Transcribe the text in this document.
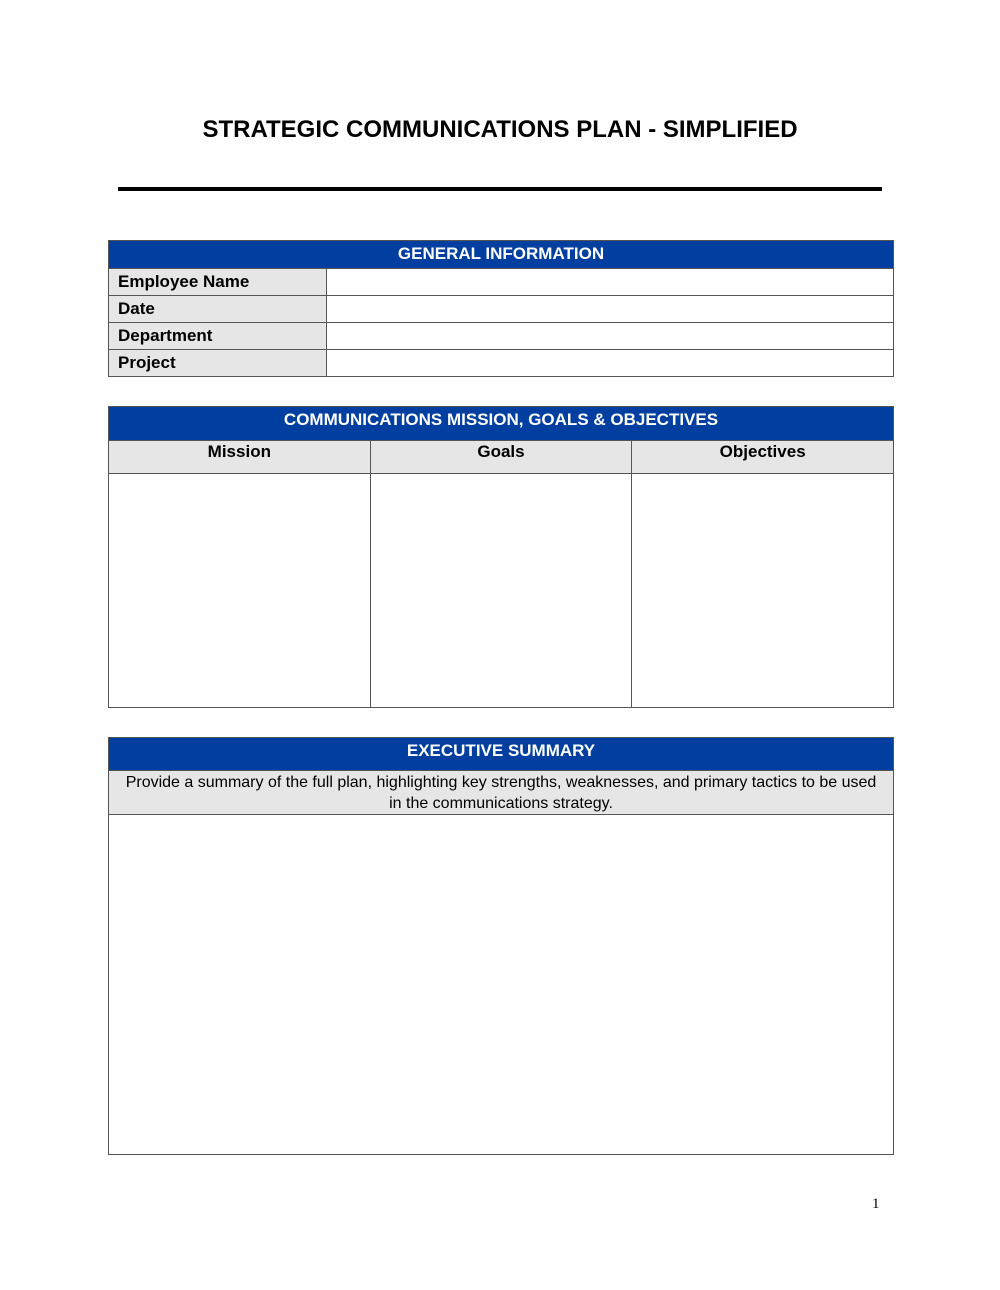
STRATEGIC COMMUNICATIONS PLAN - SIMPLIFIED
GENERAL INFORMATION	

Employee Name	
Date	
Department	
Project	
COMMUNICATIONS MISSION, GOALS & OBJECTIVES		

Mission	Goals	Objectives

EXECUTIVE SUMMARY

Provide a summary of the full plan, highlighting key strengths, weaknesses, and primary tactics to be used in the communications strategy.

1
